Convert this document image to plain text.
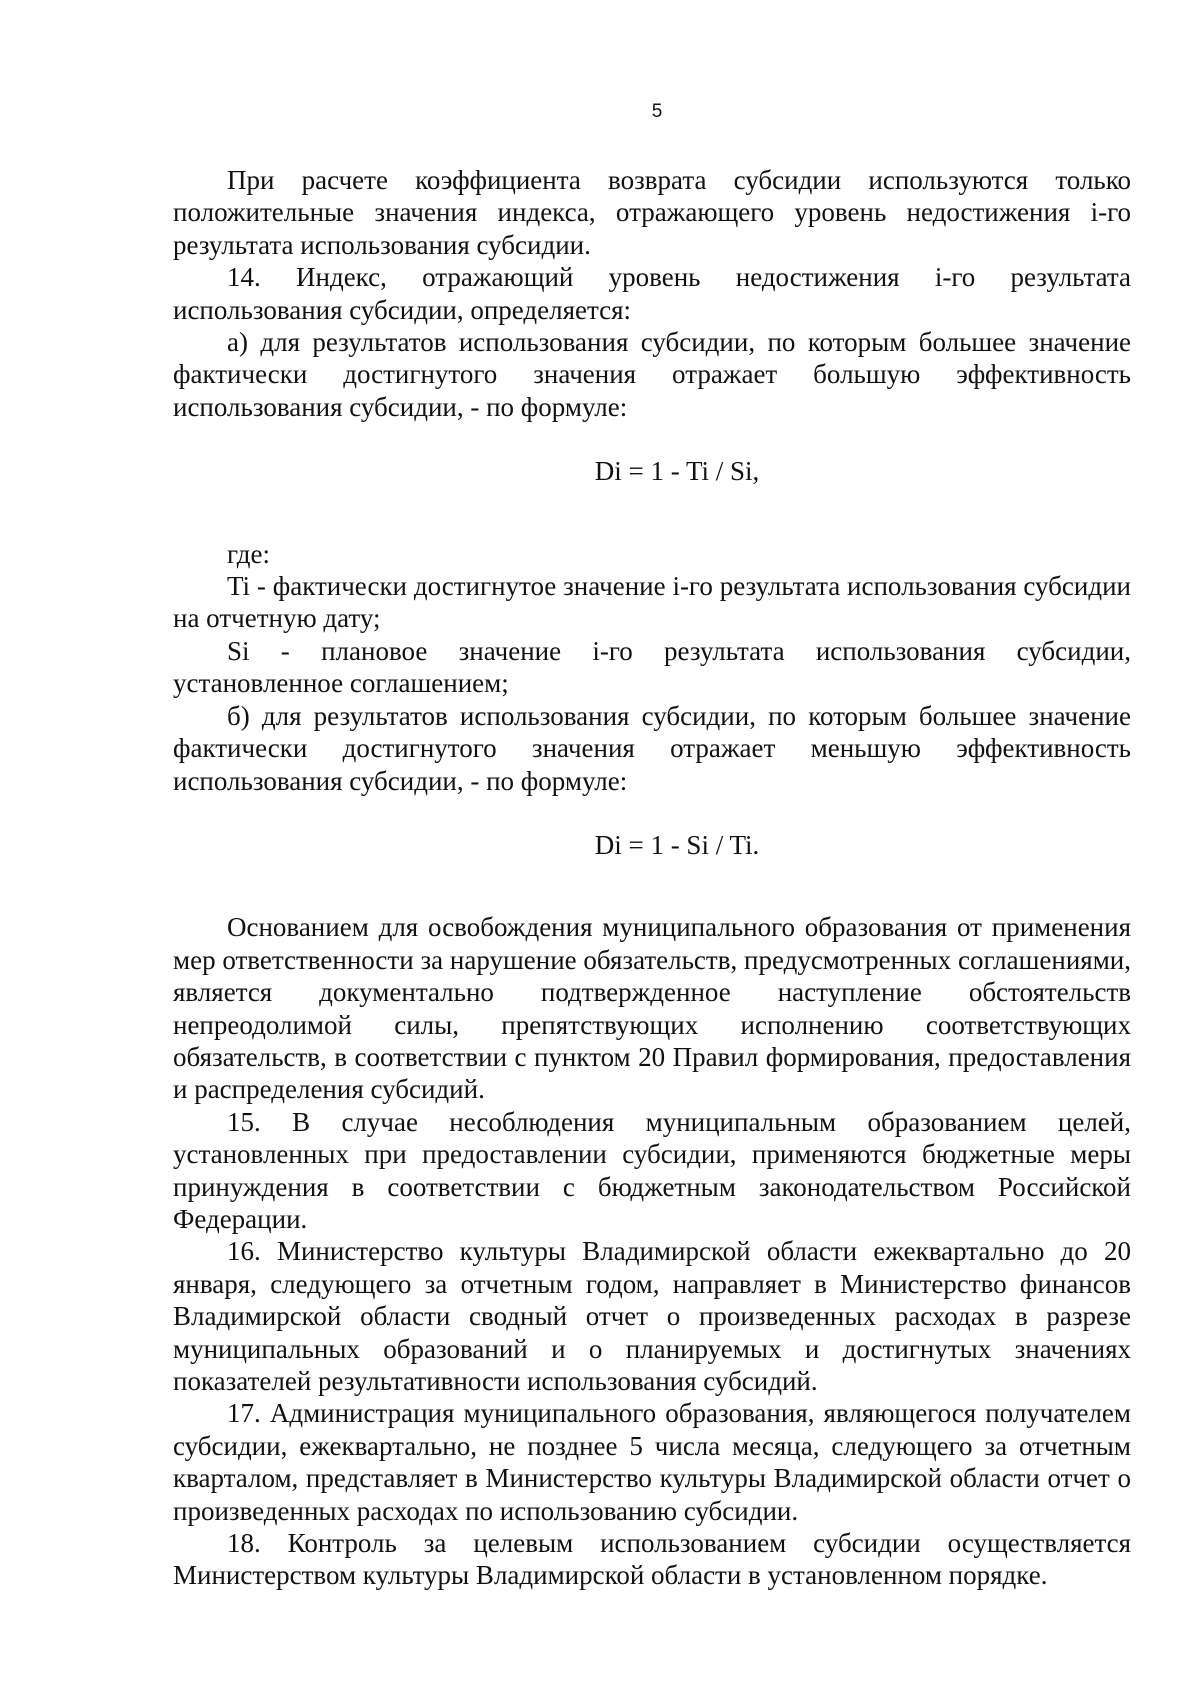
5

При расчете коэффициента возврата субсидии используются только положительные значения индекса, отражающего уровень недостижения i-го результата использования субсидии.

14. Индекс, отражающий уровень недостижения i-го результата использования субсидии, определяется:

а) для результатов использования субсидии, по которым большее значение фактически достигнутого значения отражает большую эффективность использования субсидии, - по формуле:

Di = 1 - Ti / Si,

где:

Ti - фактически достигнутое значение i-го результата использования субсидии на отчетную дату;

Si - плановое значение i-го результата использования субсидии, установленное соглашением;

б) для результатов использования субсидии, по которым большее значение фактически достигнутого значения отражает меньшую эффективность использования субсидии, - по формуле:

Di = 1 - Si / Ti.

Основанием для освобождения муниципального образования от применения мер ответственности за нарушение обязательств, предусмотренных соглашениями, является документально подтвержденное наступление обстоятельств непреодолимой силы, препятствующих исполнению соответствующих обязательств, в соответствии с пунктом 20 Правил формирования, предоставления и распределения субсидий.

15. В случае несоблюдения муниципальным образованием целей, установленных при предоставлении субсидии, применяются бюджетные меры принуждения в соответствии с бюджетным законодательством Российской Федерации.

16. Министерство культуры Владимирской области ежеквартально до 20 января, следующего за отчетным годом, направляет в Министерство финансов Владимирской области сводный отчет о произведенных расходах в разрезе муниципальных образований и о планируемых и достигнутых значениях показателей результативности использования субсидий.

17. Администрация муниципального образования, являющегося получателем субсидии, ежеквартально, не позднее 5 числа месяца, следующего за отчетным кварталом, представляет в Министерство культуры Владимирской области отчет о произведенных расходах по использованию субсидии.

18. Контроль за целевым использованием субсидии осуществляется Министерством культуры Владимирской области в установленном порядке.
